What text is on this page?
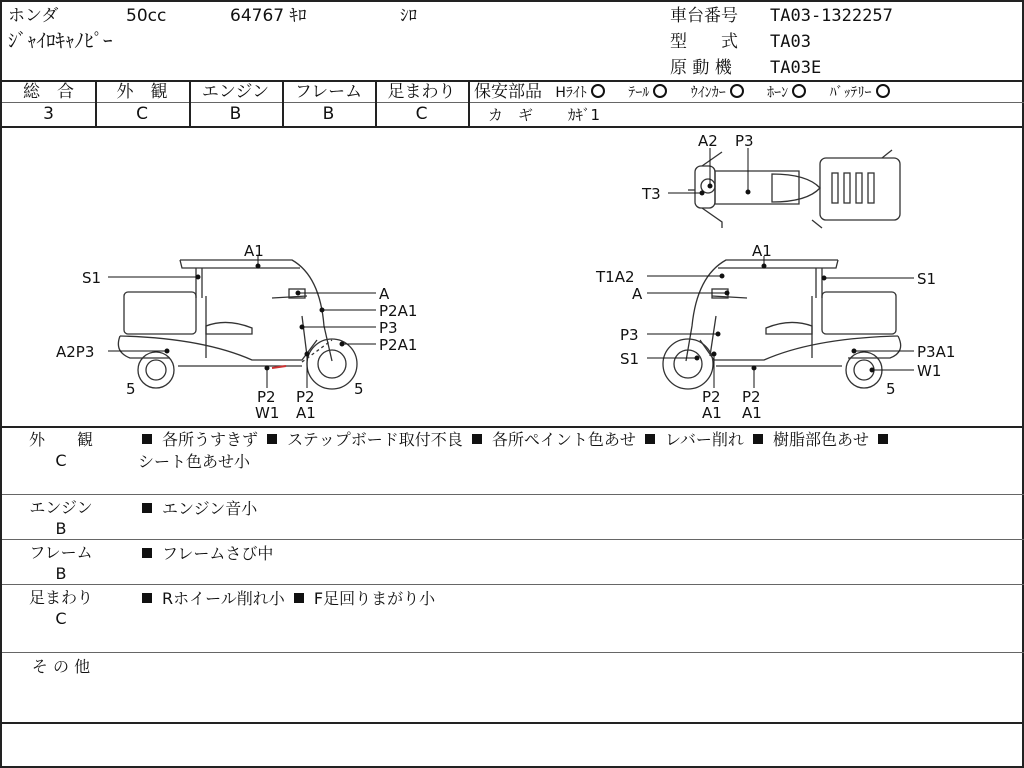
ホンダ	50cc	64767 ｷﾛ	ｼﾛ
ｼﾞｬｲﾛｷｬﾉﾋﾟｰ
車台番号 TA03-1322257
型　　式 TA03
原 動 機 TA03E
総　合
3
外　観
C
エンジン
B
フレーム
B
足まわり
C
保安部品 Hﾗｲﾄ	ﾃｰﾙ	ｳｲﾝｶｰ	ﾎｰﾝ	ﾊﾞｯﾃﾘｰ
カ　ギ ｶｷﾞ1
A2 P3
T3
A1
S1
A
P2A1
P3
P2A1
A2P3
5	P2
W1
P2
A1
5
A1
T1A2	S1
A
P3
S1	P3A1
W1
5
P2
A1
P2
A1
外　　観
C
各所うすきず ステップボード取付不良 各所ペイント色あせ レバー削れ 樹脂部色あせ
シート色あせ小
エンジン
B
エンジン音小
フレーム
B
フレームさび中
足まわり
C
Rホイール削れ小 F足回りまがり小
そ の 他
